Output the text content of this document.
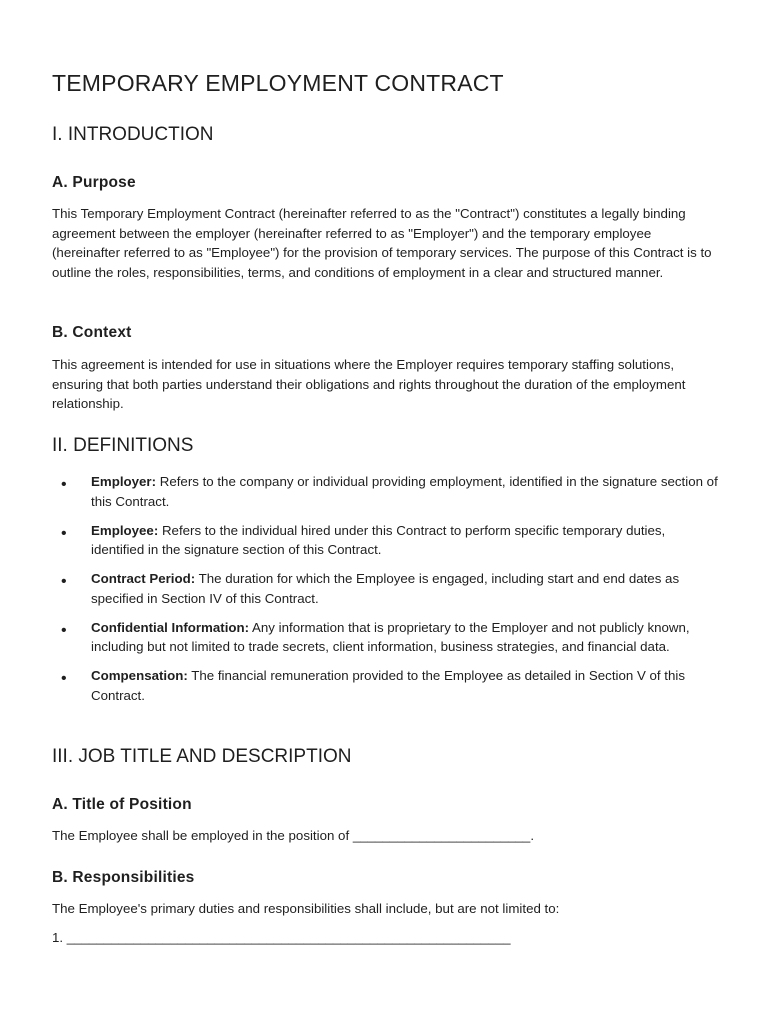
TEMPORARY EMPLOYMENT CONTRACT
I. INTRODUCTION
A. Purpose

This Temporary Employment Contract (hereinafter referred to as the "Contract") constitutes a legally binding agreement between the employer (hereinafter referred to as "Employer") and the temporary employee (hereinafter referred to as "Employee") for the provision of temporary services. The purpose of this Contract is to outline the roles, responsibilities, terms, and conditions of employment in a clear and structured manner.

B. Context

This agreement is intended for use in situations where the Employer requires temporary staffing solutions, ensuring that both parties understand their obligations and rights throughout the duration of the employment relationship.

II. DEFINITIONS
• Employer: Refers to the company or individual providing employment, identified in the signature section of this Contract.
• Employee: Refers to the individual hired under this Contract to perform specific temporary duties, identified in the signature section of this Contract.
• Contract Period: The duration for which the Employee is engaged, including start and end dates as specified in Section IV of this Contract.
• Confidential Information: Any information that is proprietary to the Employer and not publicly known, including but not limited to trade secrets, client information, business strategies, and financial data.
• Compensation: The financial remuneration provided to the Employee as detailed in Section V of this Contract.
III. JOB TITLE AND DESCRIPTION
A. Title of Position

The Employee shall be employed in the position of ________________________.

B. Responsibilities

The Employee's primary duties and responsibilities shall include, but are not limited to:

1. ____________________________________________________________
